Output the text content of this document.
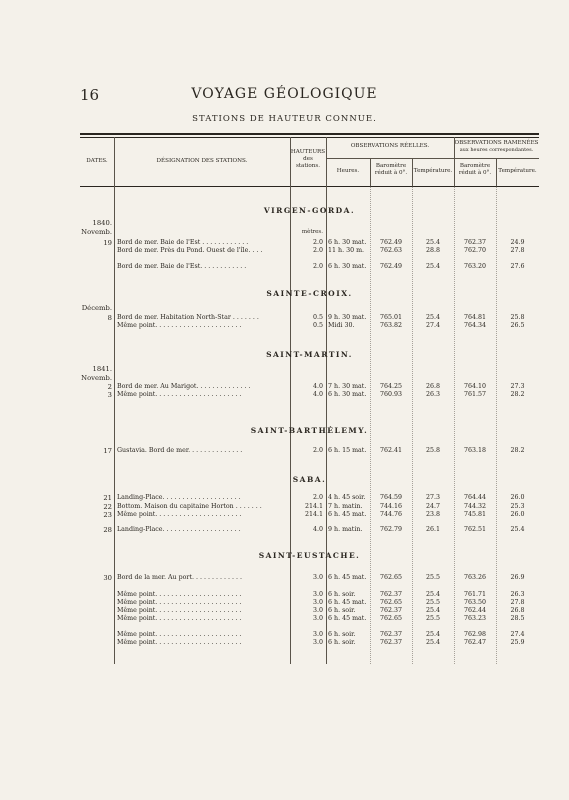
16	VOYAGE GÉOLOGIQUE
STATIONS DE HAUTEUR CONNUE.
DATES.	DÉSIGNATION DES STATIONS.
HAUTEURS
des
stations.
OBSERVATIONS RÉELLES.	OBSERVATIONS RAMENÉES
aux heures correspondantes.
Heures.
Baromètre
réduit à 0°.	Température.
Baromètre
réduit à 0°.	Température.
mètres.
VIRGEN-GORDA.
1840.
Novemb.
19 Bord de mer. Baie de l'Est . . . . . . . . . . . .	2.0 6 h. 30 mat.	762.49	25.4	762.37	24.9
Bord de mer. Près du Pond. Ouest de l'île. . . .	2.0 11 h. 30 m.	762.63	28.8	762.70	27.8
Bord de mer. Baie de l'Est. . . . . . . . . . . .	2.0 6 h. 30 mat.	762.49	25.4	763.20	27.6
SAINTE-CROIX.
Décemb.
8 Bord de mer. Habitation North-Star . . . . . . .	0.5 9 h. 30 mat.	765.01	25.4	764.81	25.8
Même point. . . . . . . . . . . . . . . . . . . . . .	0.5 Midi 30.	763.82	27.4	764.34	26.5
SAINT-MARTIN.
1841.
Novemb.
2 Bord de mer. Au Marigot. . . . . . . . . . . . . .	4.0 7 h. 30 mat.	764.25	26.8	764.10	27.3
3 Même point. . . . . . . . . . . . . . . . . . . . . .	4.0 6 h. 30 mat.	760.93	26.3	761.57	28.2
SAINT-BARTHÉLEMY.
17 Gustavia. Bord de mer. . . . . . . . . . . . . .	2.0 6 h. 15 mat.	762.41	25.8	763.18	28.2
SABA.
21 Landing-Place. . . . . . . . . . . . . . . . . . . .	2.0 4 h. 45 soir.	764.59	27.3	764.44	26.0
22 Bottom. Maison du capitaine Horton . . . . . . .	214.1 7 h. matin.	744.16	24.7	744.32	25.3
23 Même point. . . . . . . . . . . . . . . . . . . . . .	214.1 6 h. 45 mat.	744.76	23.8	745.81	26.0
28 Landing-Place. . . . . . . . . . . . . . . . . . . .	4.0 9 h. matin.	762.79	26.1	762.51	25.4
SAINT-EUSTACHE.
30 Bord de la mer. Au port. . . . . . . . . . . . .	3.0 6 h. 45 mat.	762.65	25.5	763.26	26.9
Même point. . . . . . . . . . . . . . . . . . . . . .	3.0 6 h. soir.	762.37	25.4	761.71	26.3
Même point. . . . . . . . . . . . . . . . . . . . . .	3.0 6 h. 45 mat.	762.65	25.5	763.50	27.8
Même point. . . . . . . . . . . . . . . . . . . . . .	3.0 6 h. soir.	762.37	25.4	762.44	26.8
Même point. . . . . . . . . . . . . . . . . . . . . .	3.0 6 h. 45 mat.	762.65	25.5	763.23	28.5
Même point. . . . . . . . . . . . . . . . . . . . . .	3.0 6 h. soir.	762.37	25.4	762.98	27.4
Même point. . . . . . . . . . . . . . . . . . . . . .	3.0 6 h. soir.	762.37	25.4	762.47	25.9
